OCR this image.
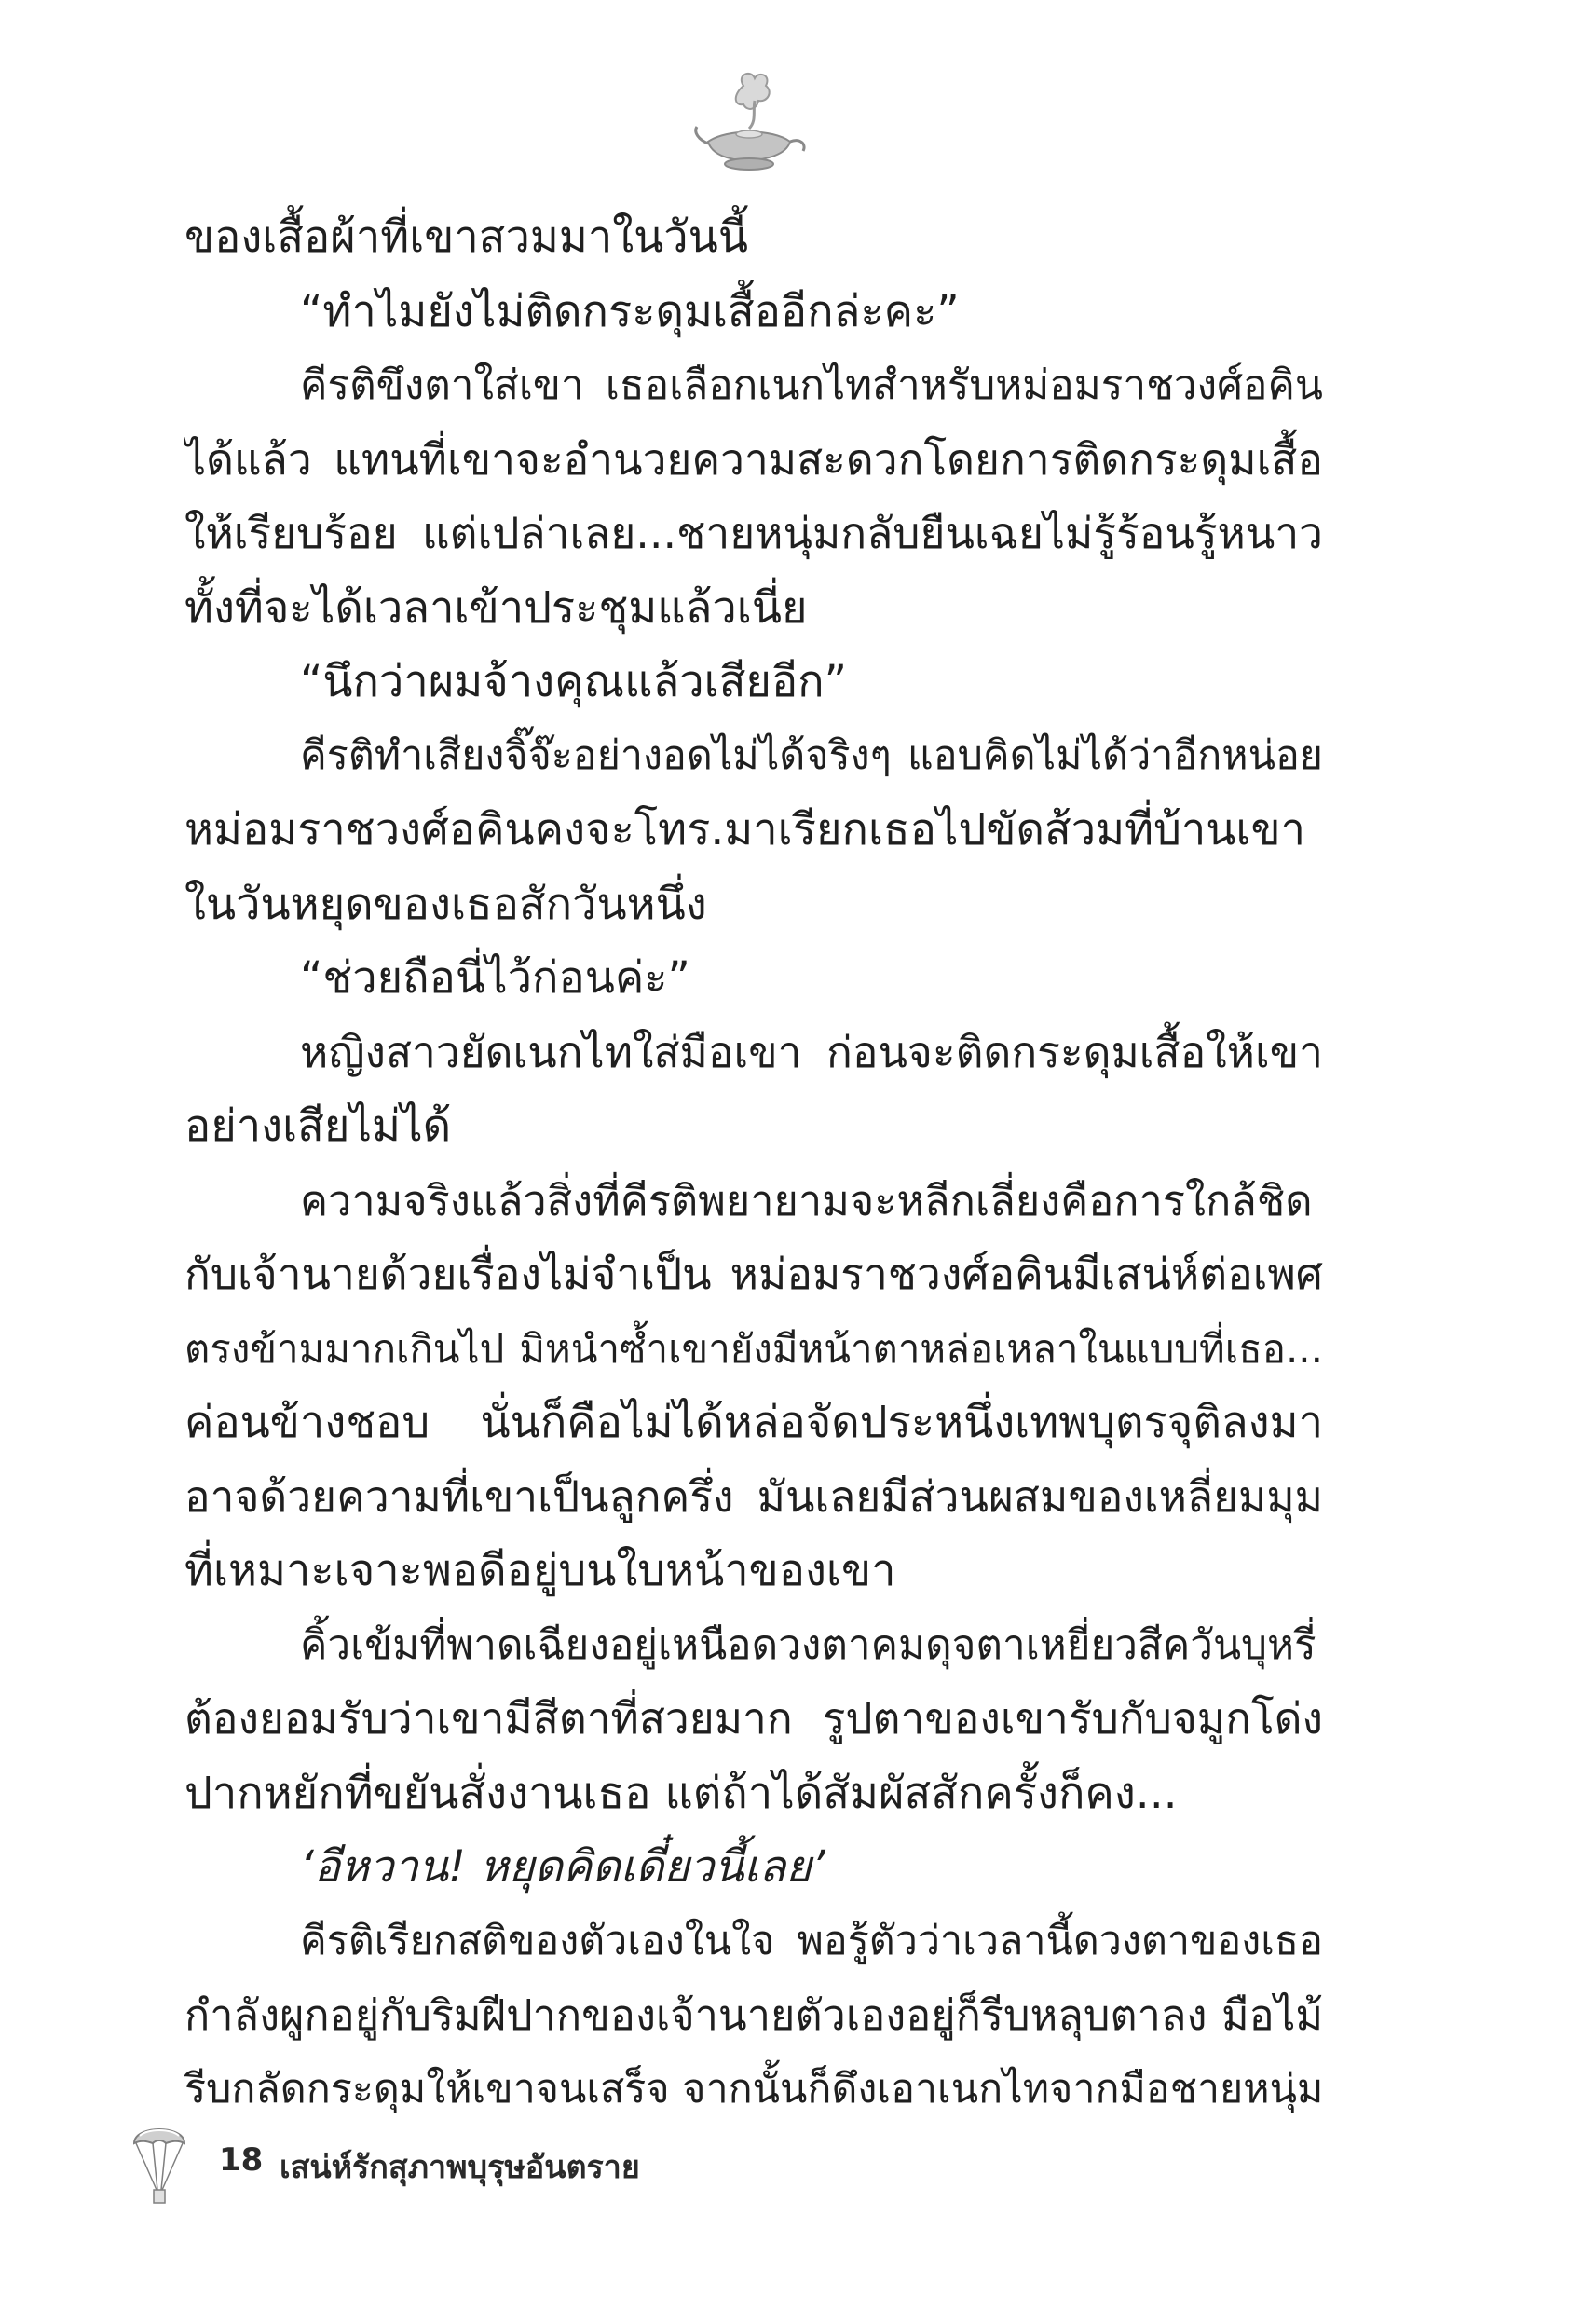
ของเสื้อผ้าที่เขาสวมมาในวันนี้
“ทำไมยังไม่ติดกระดุมเสื้ออีกล่ะคะ”
คีรติขึงตาใส่เขา เธอเลือกเนกไทสำหรับหม่อมราชวงศ์อคิน
ได้แล้ว แทนที่เขาจะอำนวยความสะดวกโดยการติดกระดุมเสื้อ
ให้เรียบร้อย แต่เปล่าเลย...ชายหนุ่มกลับยืนเฉยไม่รู้ร้อนรู้หนาว
ทั้งที่จะได้เวลาเข้าประชุมแล้วเนี่ย
“นึกว่าผมจ้างคุณแล้วเสียอีก”
คีรติทำเสียงจิ๊จ๊ะอย่างอดไม่ได้จริงๆ แอบคิดไม่ได้ว่าอีกหน่อย
หม่อมราชวงศ์อคินคงจะโทร.มาเรียกเธอไปขัดส้วมที่บ้านเขา
ในวันหยุดของเธอสักวันหนึ่ง
“ช่วยถือนี่ไว้ก่อนค่ะ”
หญิงสาวยัดเนกไทใส่มือเขา ก่อนจะติดกระดุมเสื้อให้เขา
อย่างเสียไม่ได้
ความจริงแล้วสิ่งที่คีรติพยายามจะหลีกเลี่ยงคือการใกล้ชิด
กับเจ้านายด้วยเรื่องไม่จำเป็น หม่อมราชวงศ์อคินมีเสน่ห์ต่อเพศ
ตรงข้ามมากเกินไป มิหนำซ้ำเขายังมีหน้าตาหล่อเหลาในแบบที่เธอ...
ค่อนข้างชอบ นั่นก็คือไม่ได้หล่อจัดประหนึ่งเทพบุตรจุติลงมา
อาจด้วยความที่เขาเป็นลูกครึ่ง มันเลยมีส่วนผสมของเหลี่ยมมุม
ที่เหมาะเจาะพอดีอยู่บนใบหน้าของเขา
คิ้วเข้มที่พาดเฉียงอยู่เหนือดวงตาคมดุจตาเหยี่ยวสีควันบุหรี่
ต้องยอมรับว่าเขามีสีตาที่สวยมาก รูปตาของเขารับกับจมูกโด่ง
ปากหยักที่ขยันสั่งงานเธอ แต่ถ้าได้สัมผัสสักครั้งก็คง...
‘อีหวาน! หยุดคิดเดี๋ยวนี้เลย’
คีรติเรียกสติของตัวเองในใจ พอรู้ตัวว่าเวลานี้ดวงตาของเธอ
กำลังผูกอยู่กับริมฝีปากของเจ้านายตัวเองอยู่ก็รีบหลุบตาลง มือไม้
รีบกลัดกระดุมให้เขาจนเสร็จ จากนั้นก็ดึงเอาเนกไทจากมือชายหนุ่ม
18 เสน่ห์รักสุภาพบุรุษอันตราย
